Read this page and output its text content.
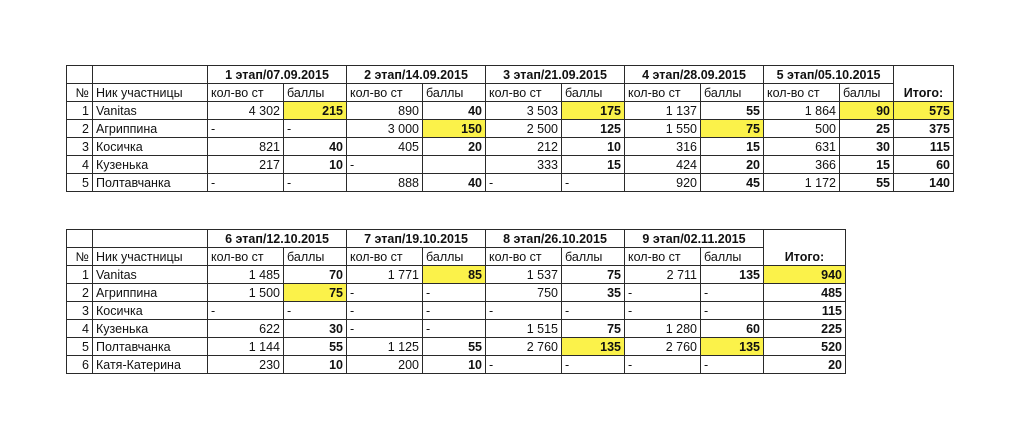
		1 этап/07.09.2015		2 этап/14.09.2015		3 этап/21.09.2015		4 этап/28.09.2015		5 этап/05.10.2015		Итого:
№	Ник участницы	кол-во ст	баллы	кол-во ст	баллы	кол-во ст	баллы	кол-во ст	баллы	кол-во ст	баллы	
1	Vanitas	4 302	215	890	40	3 503	175	1 137	55	1 864	90	575
2	Агриппина	-	-	3 000	150	2 500	125	1 550	75	500	25	375
3	Косичка	821	40	405	20	212	10	316	15	631	30	115
4	Кузенька	217	10	-		333	15	424	20	366	15	60
5	Полтавчанка	-	-	888	40	-	-	920	45	1 172	55	140
		6 этап/12.10.2015		7 этап/19.10.2015		8 этап/26.10.2015		9 этап/02.11.2015		Итого:
№	Ник участницы	кол-во ст	баллы	кол-во ст	баллы	кол-во ст	баллы	кол-во ст	баллы	
1	Vanitas	1 485	70	1 771	85	1 537	75	2 711	135	940
2	Агриппина	1 500	75	-	-	750	35	-	-	485
3	Косичка	-	-	-	-	-	-	-	-	115
4	Кузенька	622	30	-	-	1 515	75	1 280	60	225
5	Полтавчанка	1 144	55	1 125	55	2 760	135	2 760	135	520
6	Катя-Катерина	230	10	200	10	-	-	-	-	20
